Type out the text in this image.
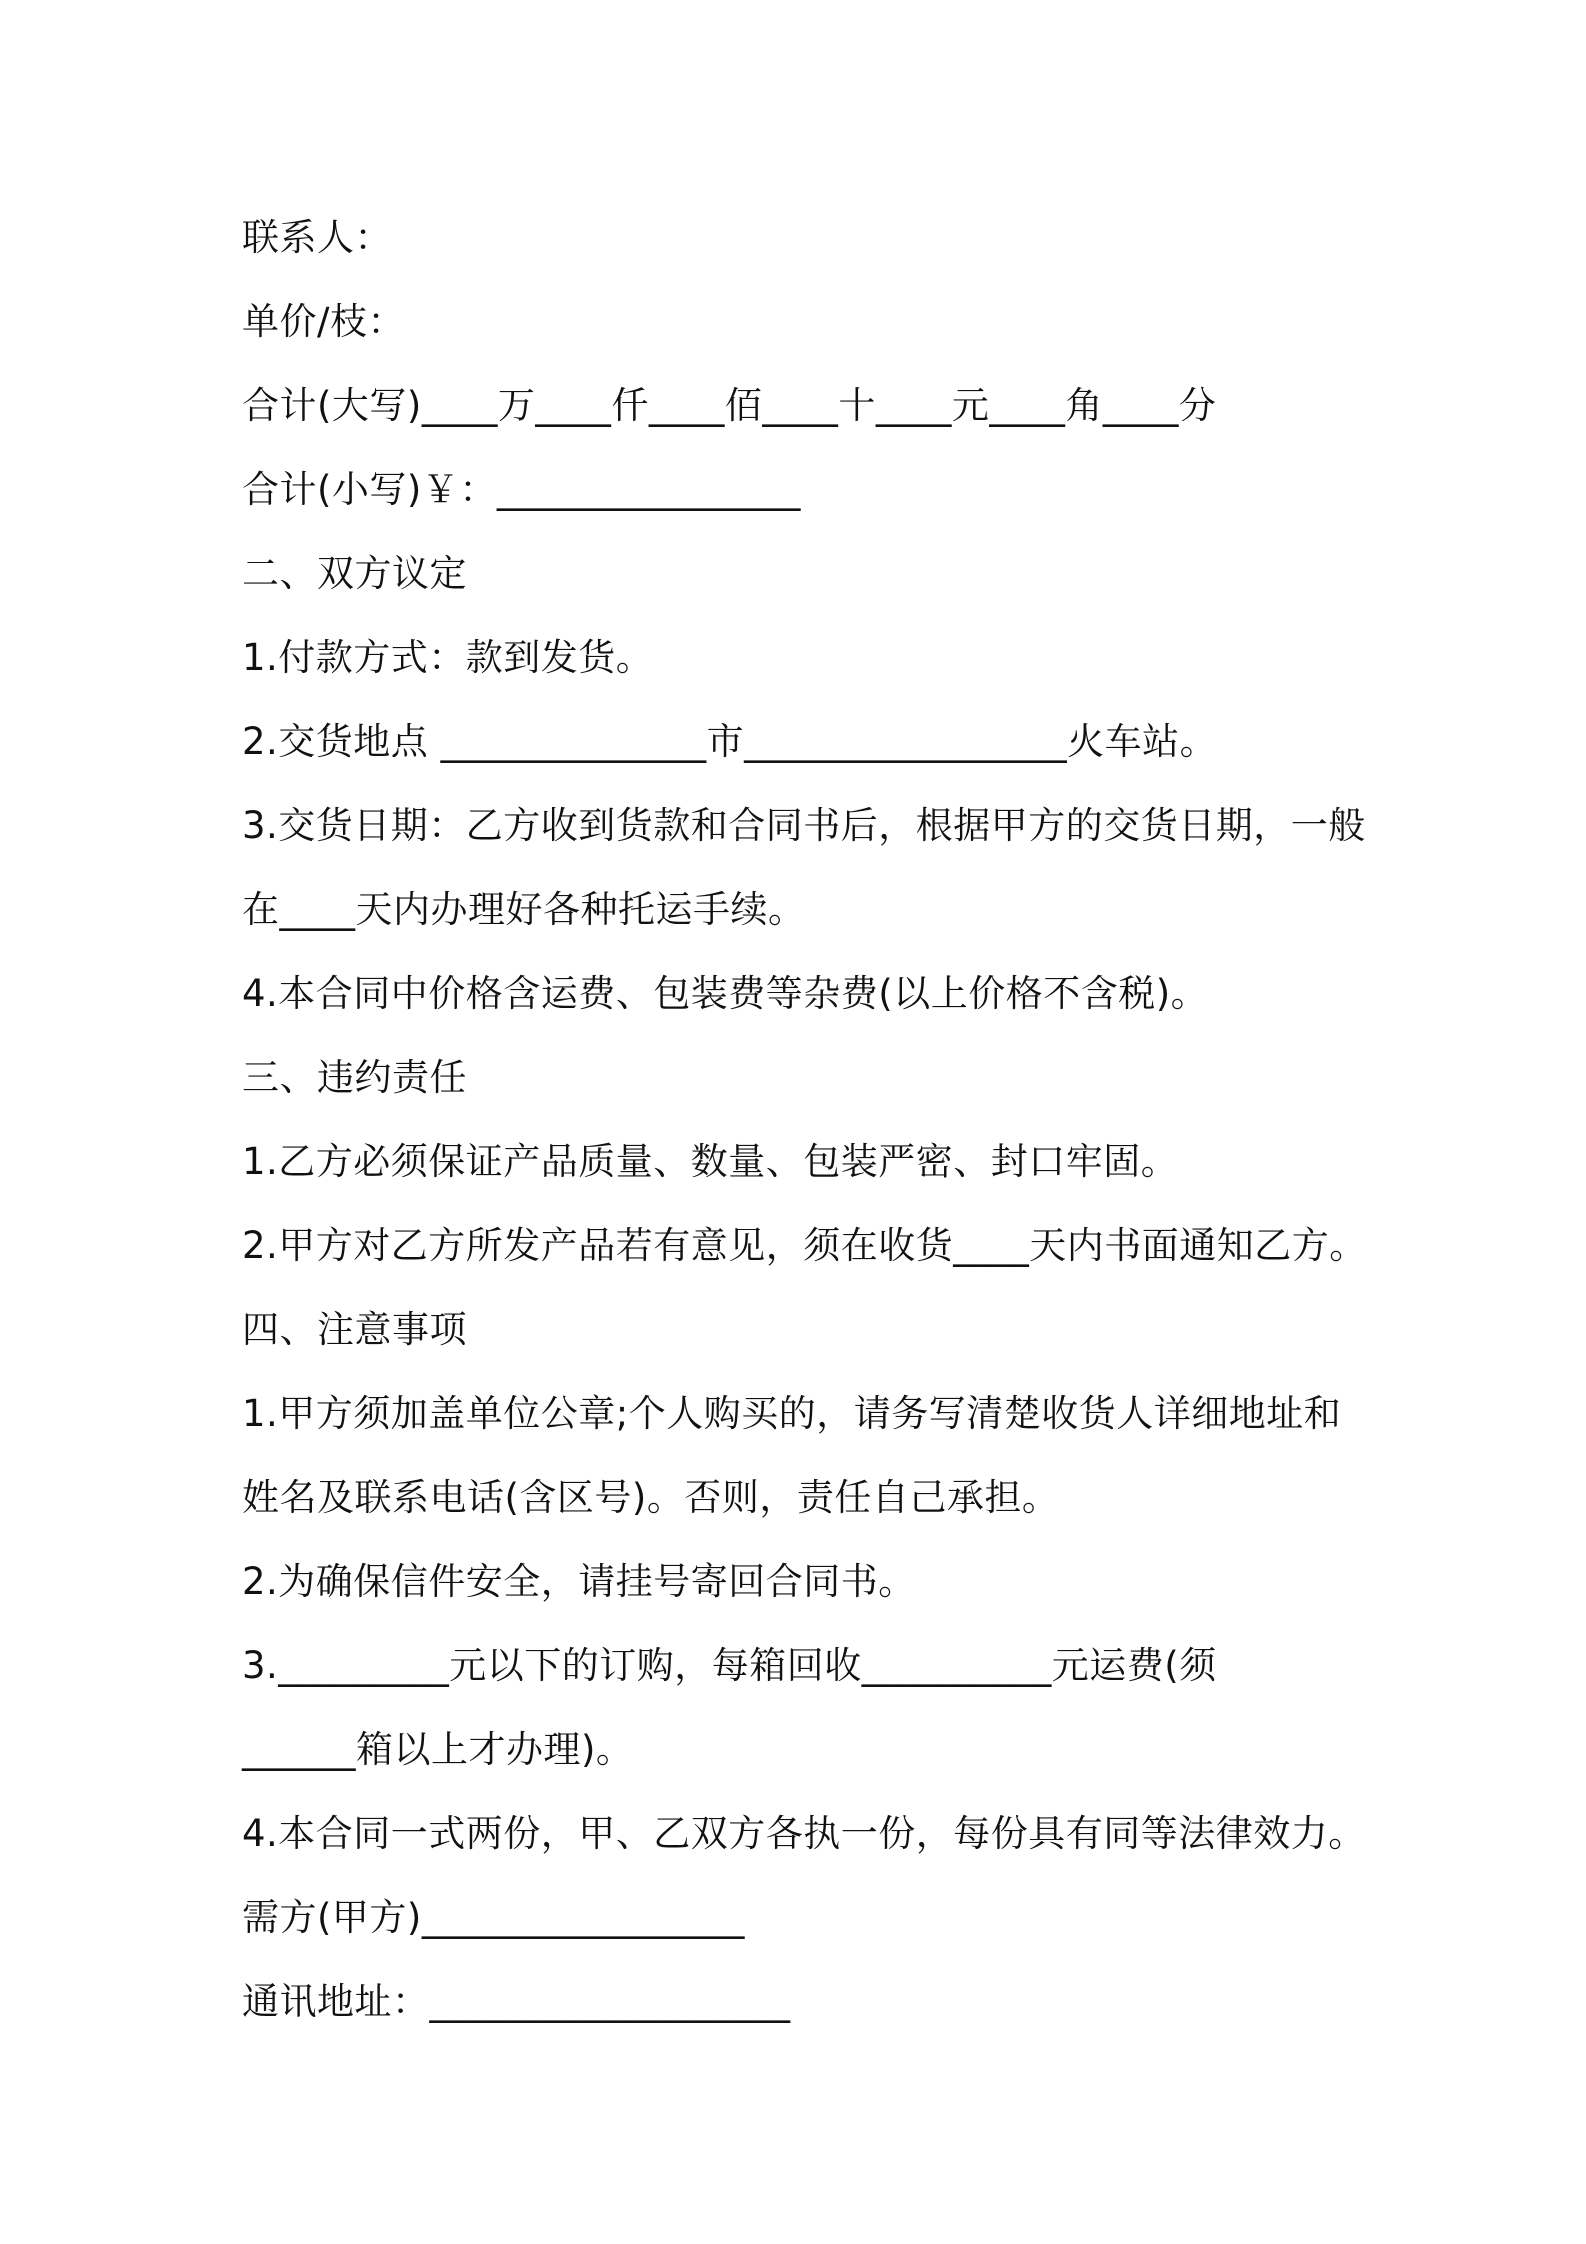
联系人：
单价/枝：
合计(大写)____万____仟____佰____十____元____角____分
合计(小写)￥：________________
二、双方议定
1.付款方式：款到发货。
2.交货地点 ______________市_________________火车站。
3.交货日期：乙方收到货款和合同书后，根据甲方的交货日期，一般
在____天内办理好各种托运手续。
4.本合同中价格含运费、包装费等杂费(以上价格不含税)。
三、违约责任
1.乙方必须保证产品质量、数量、包装严密、封口牢固。
2.甲方对乙方所发产品若有意见，须在收货____天内书面通知乙方。
四、注意事项
1.甲方须加盖单位公章;个人购买的，请务写清楚收货人详细地址和
姓名及联系电话(含区号)。否则，责任自己承担。
2.为确保信件安全，请挂号寄回合同书。
3._________元以下的订购，每箱回收__________元运费(须
______箱以上才办理)。
4.本合同一式两份，甲、乙双方各执一份，每份具有同等法律效力。
需方(甲方)_________________
通讯地址：___________________
